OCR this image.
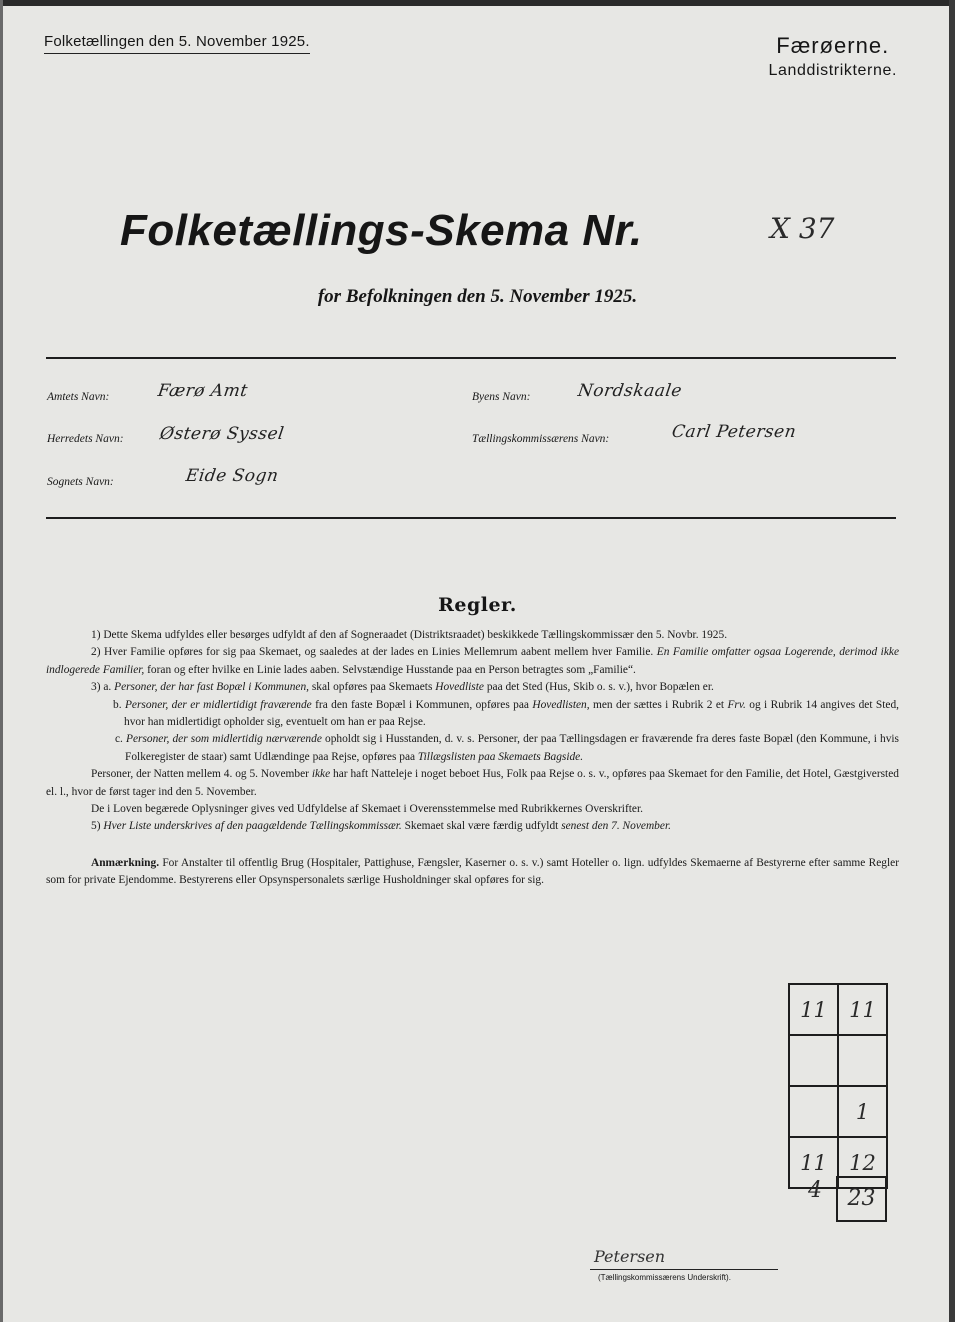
Folketællingen den 5. November 1925.	Færøerne.
Landdistrikterne.
Folketællings-Skema Nr.	X 37
for Befolkningen den 5. November 1925.
Amtets Navn:	Færø Amt
Herredets Navn: Østerø Syssel
Sognets Navn:	Eide Sogn
Byens Navn:	Nordskaale
Tællingskommissærens Navn:	Carl Petersen
Regler.

1) Dette Skema udfyldes eller besørges udfyldt af den af Sogneraadet (Distriktsraadet) beskikkede Tællingskommissær den 5. Novbr. 1925.

2) Hver Familie opføres for sig paa Skemaet, og saaledes at der lades en Linies Mellemrum aabent mellem hver Familie. En Familie omfatter ogsaa Logerende, derimod ikke indlogerede Familier, foran og efter hvilke en Linie lades aaben. Selvstændige Husstande paa en Person betragtes som „Familie“.

3) a. Personer, der har fast Bopæl i Kommunen, skal opføres paa Skemaets Hovedliste paa det Sted (Hus, Skib o. s. v.), hvor Bopælen er.

b. Personer, der er midlertidigt fraværende fra den faste Bopæl i Kommunen, opføres paa Hovedlisten, men der sættes i Rubrik 2 et Frv. og i Rubrik 14 angives det Sted, hvor han midlertidigt opholder sig, eventuelt om han er paa Rejse.

c. Personer, der som midlertidig nærværende opholdt sig i Husstanden, d. v. s. Personer, der paa Tællingsdagen er fraværende fra deres faste Bopæl (den Kommune, i hvis Folkeregister de staar) samt Udlændinge paa Rejse, opføres paa Tillægslisten paa Skemaets Bagside.

Personer, der Natten mellem 4. og 5. November ikke har haft Natteleje i noget beboet Hus, Folk paa Rejse o. s. v., opføres paa Skemaet for den Familie, det Hotel, Gæstgiversted el. l., hvor de først tager ind den 5. November.

De i Loven begærede Oplysninger gives ved Udfyldelse af Skemaet i Overensstemmelse med Rubrikkernes Overskrifter.

5) Hver Liste underskrives af den paagældende Tællingskommissær. Skemaet skal være færdig udfyldt senest den 7. November.

Anmærkning. For Anstalter til offentlig Brug (Hospitaler, Pattighuse, Fængsler, Kaserner o. s. v.) samt Hoteller o. lign. udfyldes Skemaerne af Bestyrerne efter samme Regler som for private Ejendomme. Bestyrerens eller Opsynspersonalets særlige Husholdninger skal opføres for sig.

11	11

	1
11	12
4	23
Petersen
(Tællingskommissærens Underskrift).
